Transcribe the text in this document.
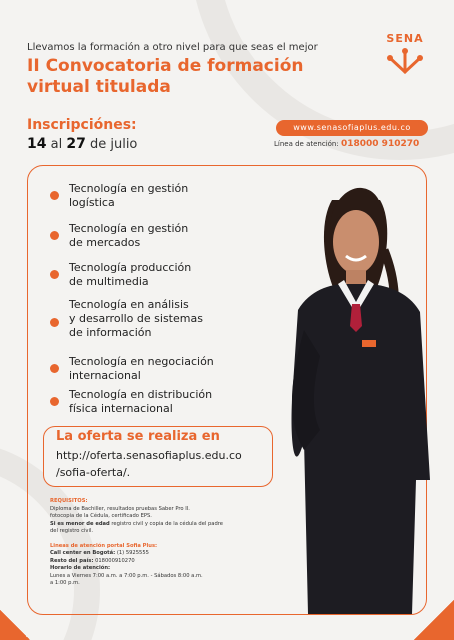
Llevamos la formación a otro nivel para que seas el mejor
II Convocatoria de formación
virtual titulada
SENA
Inscripciónes:
14 al 27 de julio
www.senasofiaplus.edu.co
Línea de atención: 018000 910270
Tecnología en gestión
logística
Tecnología en gestión
de mercados
Tecnología producción
de multimedia
Tecnología en análisis
y desarrollo de sistemas
de información
Tecnología en negociación
internacional
Tecnología en distribución
física internacional
La oferta se realiza en
http://oferta.senasofiaplus.edu.co
/sofia-oferta/.
REQUISITOS:
Diploma de Bachiller, resultados pruebas Saber Pro II.
fotocopia de la Cédula, certificado EPS.
Si es menor de edad registro civil y copia de la cédula del padre
del registro civil.
Lineas de atención portal Sofia Plus:
Call center en Bogotá: (1) 5925555
Resto del país: 018000910270
Horario de atención:
Lunes a Viernes 7:00 a.m. a 7:00 p.m. - Sábados 8:00 a.m.
a 1:00 p.m.
